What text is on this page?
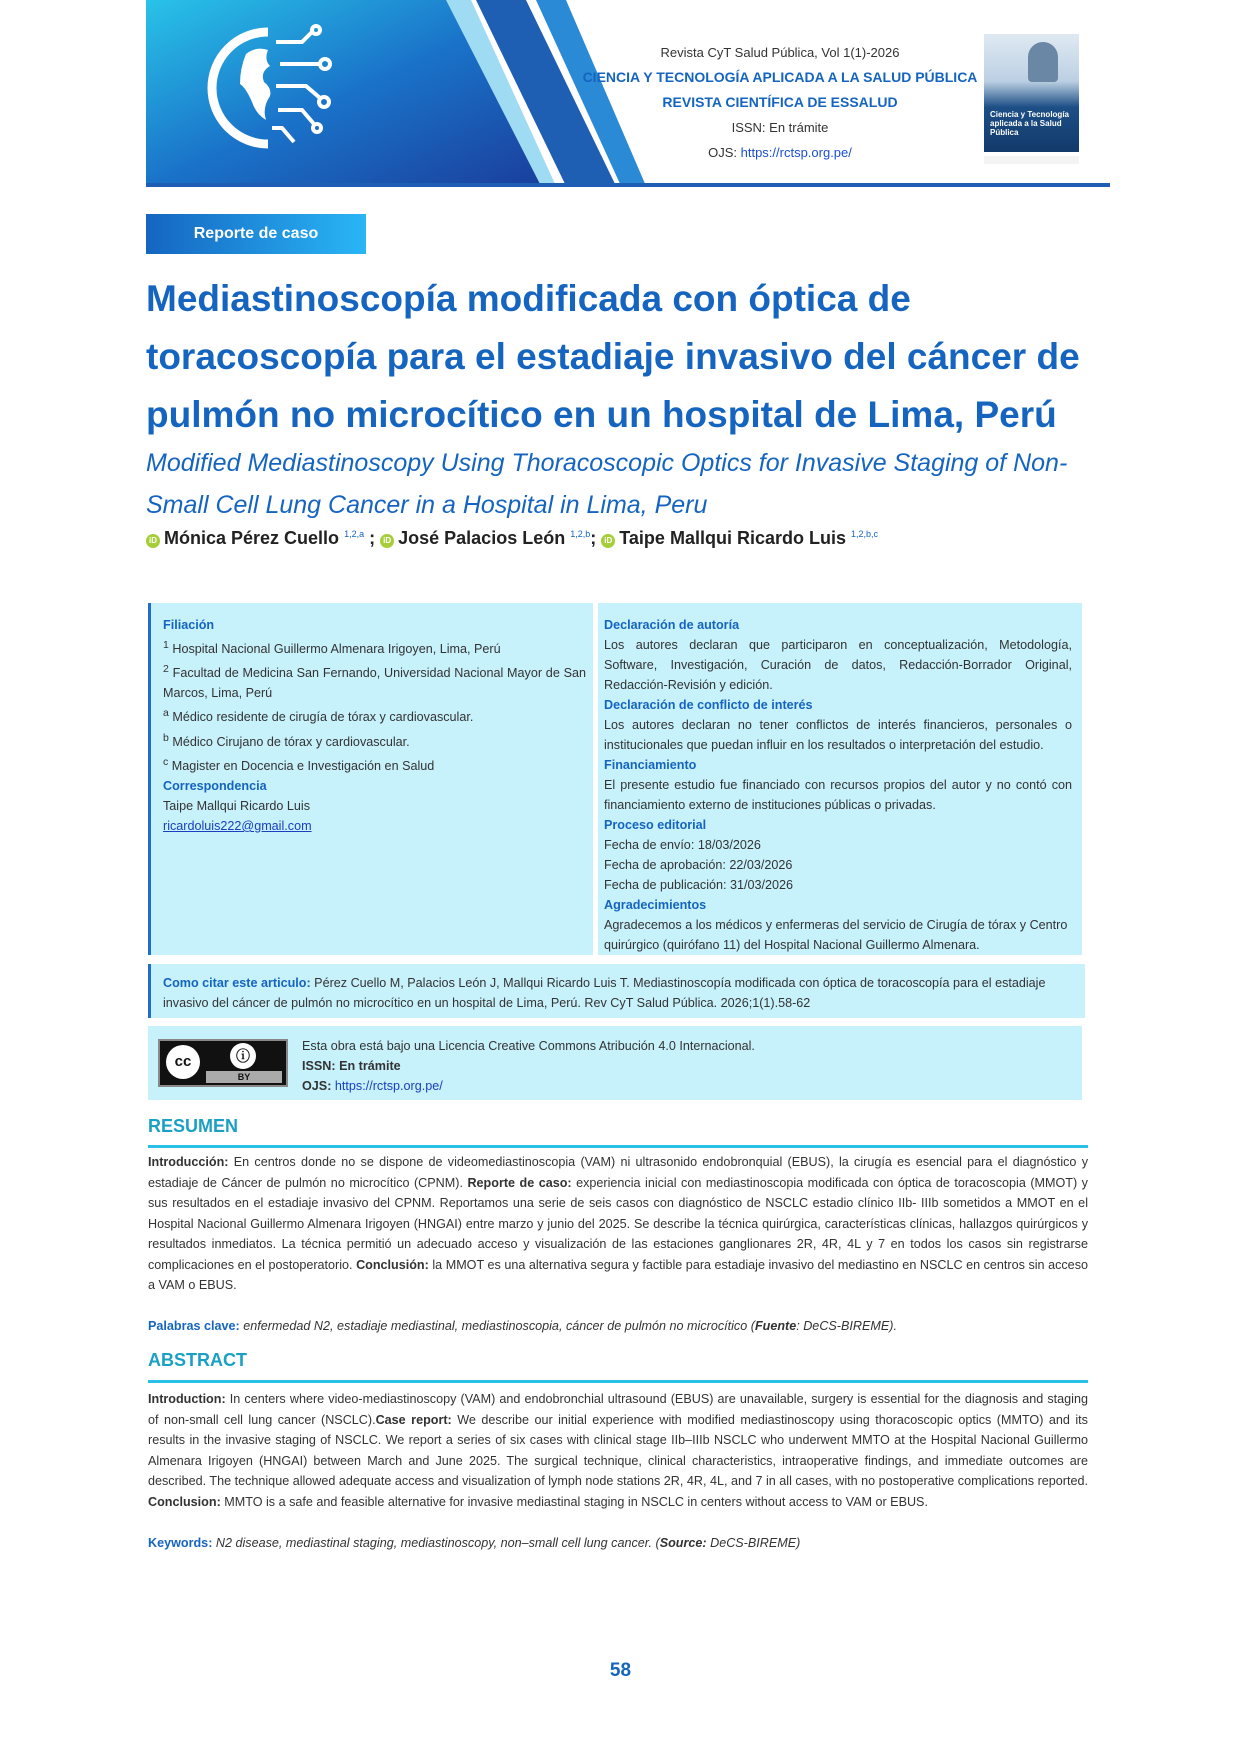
Revista CyT Salud Pública, Vol 1(1)-2026
CIENCIA Y TECNOLOGÍA APLICADA A LA SALUD PÚBLICA
REVISTA CIENTÍFICA DE ESSALUD
ISSN: En trámite
OJS: https://rctsp.org.pe/
Ciencia y Tecnología aplicada a la Salud Pública
Reporte de caso
Mediastinoscopía modificada con óptica de toracoscopía para el estadiaje invasivo del cáncer de pulmón no microcítico en un hospital de Lima, Perú
Modified Mediastinoscopy Using Thoracoscopic Optics for Invasive Staging of Non-Small Cell Lung Cancer in a Hospital in Lima, Peru
iD Mónica Pérez Cuello $^{1,2,a}$ ; iD José Palacios León $^{1,2,b}$; iD Taipe Mallqui Ricardo Luis $^{1,2,b,c}$
Filiación
$^1$ Hospital Nacional Guillermo Almenara Irigoyen, Lima, Perú
$^2$ Facultad de Medicina San Fernando, Universidad Nacional Mayor de San Marcos, Lima, Perú
$^a$ Médico residente de cirugía de tórax y cardiovascular.
$^b$ Médico Cirujano de tórax y cardiovascular.
$^c$ Magister en Docencia e Investigación en Salud
Correspondencia
Taipe Mallqui Ricardo Luis
ricardoluis222@gmail.com
Declaración de autoría
Los autores declaran que participaron en conceptualización, Metodología, Software, Investigación, Curación de datos, Redacción-Borrador Original, Redacción-Revisión y edición.
Declaración de conflicto de interés
Los autores declaran no tener conflictos de interés financieros, personales o institucionales que puedan influir en los resultados o interpretación del estudio.
Financiamiento
El presente estudio fue financiado con recursos propios del autor y no contó con financiamiento externo de instituciones públicas o privadas.
Proceso editorial
Fecha de envío: 18/03/2026
Fecha de aprobación: 22/03/2026
Fecha de publicación: 31/03/2026
Agradecimientos
Agradecemos a los médicos y enfermeras del servicio de Cirugía de tórax y Centro quirúrgico (quirófano 11) del Hospital Nacional Guillermo Almenara.
Como citar este articulo: Pérez Cuello M, Palacios León J, Mallqui Ricardo Luis T. Mediastinoscopía modificada con óptica de toracoscopía para el estadiaje invasivo del cáncer de pulmón no microcítico en un hospital de Lima, Perú. Rev CyT Salud Pública. 2026;1(1).58-62
cc	ⓘ
BY
Esta obra está bajo una Licencia Creative Commons Atribución 4.0 Internacional.
ISSN: En trámite
OJS: https://rctsp.org.pe/
RESUMEN
Introducción: En centros donde no se dispone de videomediastinoscopia (VAM) ni ultrasonido endobronquial (EBUS), la cirugía es esencial para el diagnóstico y estadiaje de Cáncer de pulmón no microcítico (CPNM). Reporte de caso: experiencia inicial con mediastinoscopia modificada con óptica de toracoscopia (MMOT) y sus resultados en el estadiaje invasivo del CPNM. Reportamos una serie de seis casos con diagnóstico de NSCLC estadio clínico IIb- IIIb sometidos a MMOT en el Hospital Nacional Guillermo Almenara Irigoyen (HNGAI) entre marzo y junio del 2025. Se describe la técnica quirúrgica, características clínicas, hallazgos quirúrgicos y resultados inmediatos. La técnica permitió un adecuado acceso y visualización de las estaciones ganglionares 2R, 4R, 4L y 7 en todos los casos sin registrarse complicaciones en el postoperatorio. Conclusión: la MMOT es una alternativa segura y factible para estadiaje invasivo del mediastino en NSCLC en centros sin acceso a VAM o EBUS.
Palabras clave: enfermedad N2, estadiaje mediastinal, mediastinoscopia, cáncer de pulmón no microcítico (Fuente: DeCS-BIREME).
ABSTRACT
Introduction: In centers where video-mediastinoscopy (VAM) and endobronchial ultrasound (EBUS) are unavailable, surgery is essential for the diagnosis and staging of non-small cell lung cancer (NSCLC).Case report: We describe our initial experience with modified mediastinoscopy using thoracoscopic optics (MMTO) and its results in the invasive staging of NSCLC. We report a series of six cases with clinical stage IIb–IIIb NSCLC who underwent MMTO at the Hospital Nacional Guillermo Almenara Irigoyen (HNGAI) between March and June 2025. The surgical technique, clinical characteristics, intraoperative findings, and immediate outcomes are described. The technique allowed adequate access and visualization of lymph node stations 2R, 4R, 4L, and 7 in all cases, with no postoperative complications reported. Conclusion: MMTO is a safe and feasible alternative for invasive mediastinal staging in NSCLC in centers without access to VAM or EBUS.
Keywords: N2 disease, mediastinal staging, mediastinoscopy, non–small cell lung cancer. (Source: DeCS-BIREME)
58
